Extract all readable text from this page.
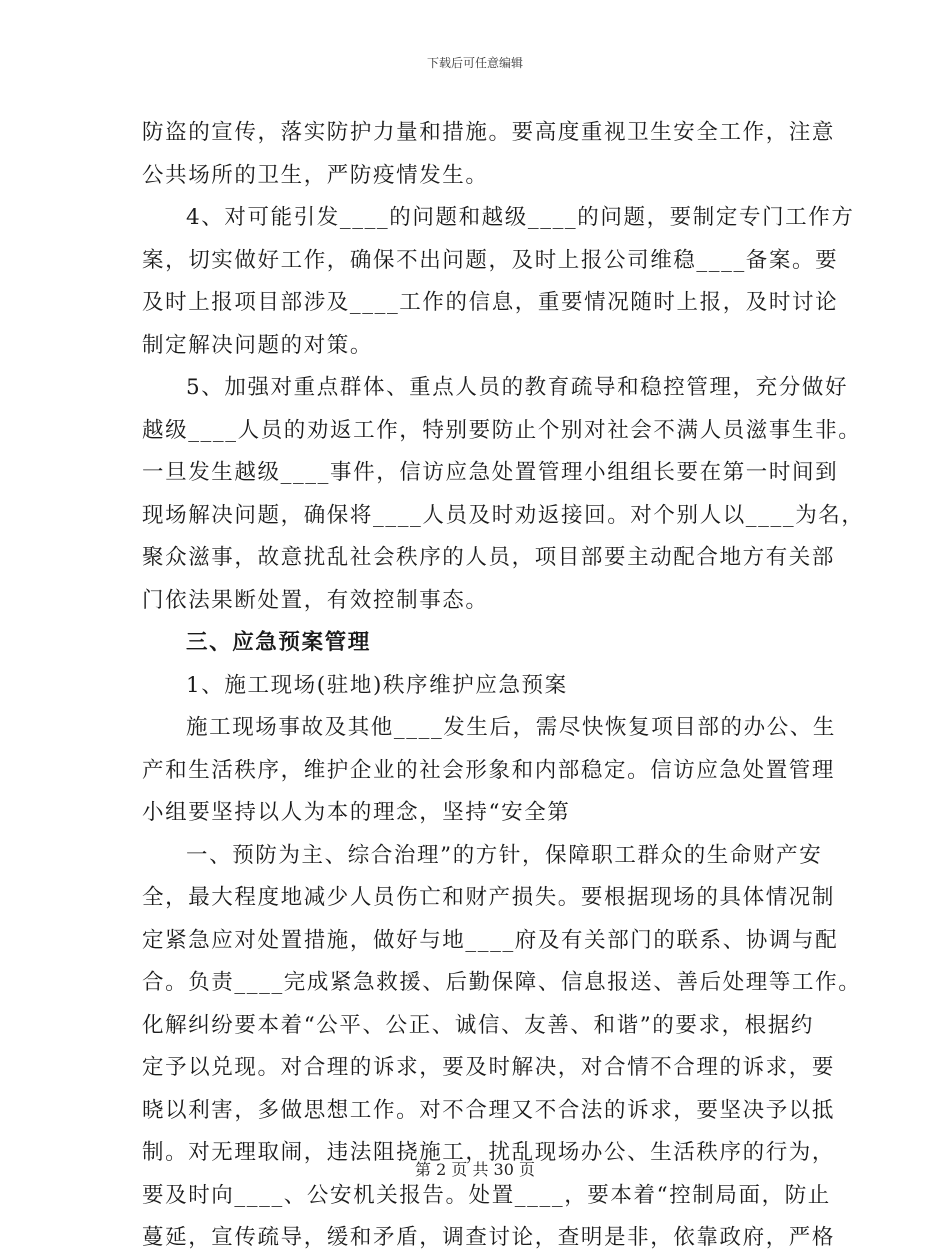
下载后可任意编辑
防盗的宣传，落实防护力量和措施。要高度重视卫生安全工作，注意
公共场所的卫生，严防疫情发生。
4、对可能引发____的问题和越级____的问题，要制定专门工作方
案，切实做好工作，确保不出问题，及时上报公司维稳____备案。要
及时上报项目部涉及____工作的信息，重要情况随时上报，及时讨论
制定解决问题的对策。
5、加强对重点群体、重点人员的教育疏导和稳控管理，充分做好
越级____人员的劝返工作，特别要防止个别对社会不满人员滋事生非。
一旦发生越级____事件，信访应急处置管理小组组长要在第一时间到
现场解决问题，确保将____人员及时劝返接回。对个别人以____为名，
聚众滋事，故意扰乱社会秩序的人员，项目部要主动配合地方有关部
门依法果断处置，有效控制事态。
三、应急预案管理
1、施工现场(驻地)秩序维护应急预案
施工现场事故及其他____发生后，需尽快恢复项目部的办公、生
产和生活秩序，维护企业的社会形象和内部稳定。信访应急处置管理
小组要坚持以人为本的理念，坚持“安全第
一、预防为主、综合治理”的方针，保障职工群众的生命财产安
全，最大程度地减少人员伤亡和财产损失。要根据现场的具体情况制
定紧急应对处置措施，做好与地____府及有关部门的联系、协调与配
合。负责____完成紧急救援、后勤保障、信息报送、善后处理等工作。
化解纠纷要本着“公平、公正、诚信、友善、和谐”的要求，根据约
定予以兑现。对合理的诉求，要及时解决，对合情不合理的诉求，要
晓以利害，多做思想工作。对不合理又不合法的诉求，要坚决予以抵
制。对无理取闹，违法阻挠施工，扰乱现场办公、生活秩序的行为，
要及时向____、公安机关报告。处置____，要本着“控制局面，防止
蔓延，宣传疏导，缓和矛盾，调查讨论，查明是非，依靠政府，严格
第 2 页 共 30 页
